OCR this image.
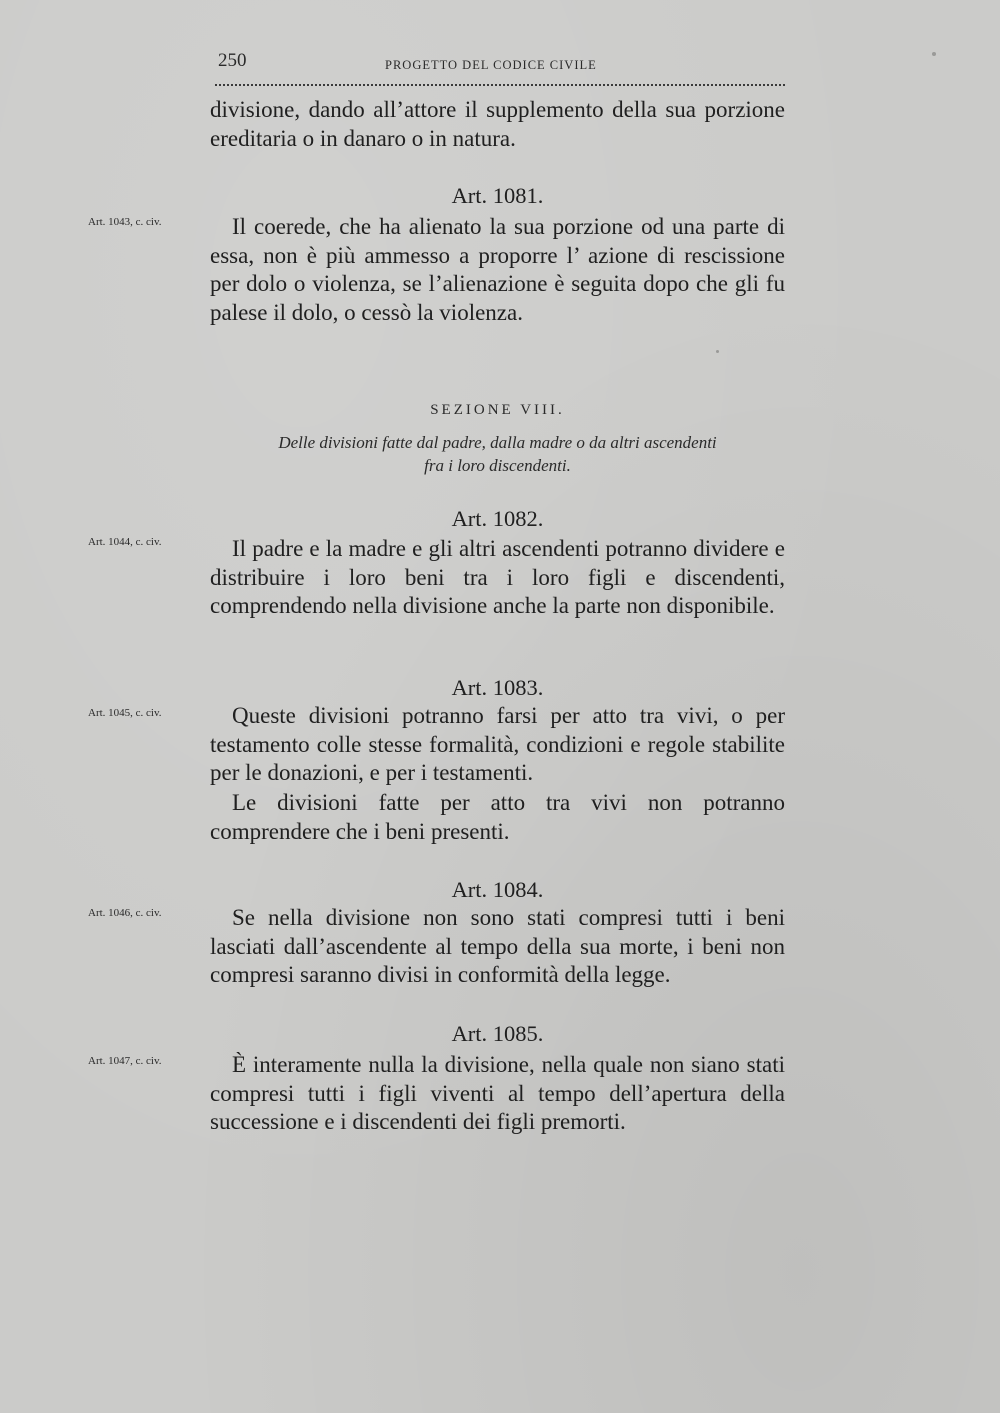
250	PROGETTO DEL CODICE CIVILE

divisione, dando all’attore il supplemento della sua porzione ereditaria o in danaro o in natura.

Art. 1081.

Art. 1043, c. civ.	Il coerede, che ha alienato la sua porzione od una parte di essa, non è più ammesso a proporre l’ azione di rescissione per dolo o violenza, se l’alienazione è seguita dopo che gli fu palese il dolo, o cessò la violenza.

SEZIONE VIII.

Delle divisioni fatte dal padre, dalla madre o da altri ascendenti

fra i loro discendenti.

Art. 1082.

Art. 1044, c. civ.	Il padre e la madre e gli altri ascendenti potranno dividere e distribuire i loro beni tra i loro figli e discendenti, comprendendo nella divisione anche la parte non disponibile.

Art. 1083.

Art. 1045, c. civ.	Queste divisioni potranno farsi per atto tra vivi, o per testamento colle stesse formalità, condizioni e regole stabilite per le donazioni, e per i testamenti.

Le divisioni fatte per atto tra vivi non potranno comprendere che i beni presenti.

Art. 1084.

Art. 1046, c. civ.	Se nella divisione non sono stati compresi tutti i beni lasciati dall’ascendente al tempo della sua morte, i beni non compresi saranno divisi in conformità della legge.

Art. 1085.

Art. 1047, c. civ.	È interamente nulla la divisione, nella quale non siano stati compresi tutti i figli viventi al tempo dell’apertura della successione e i discendenti dei figli premorti.
